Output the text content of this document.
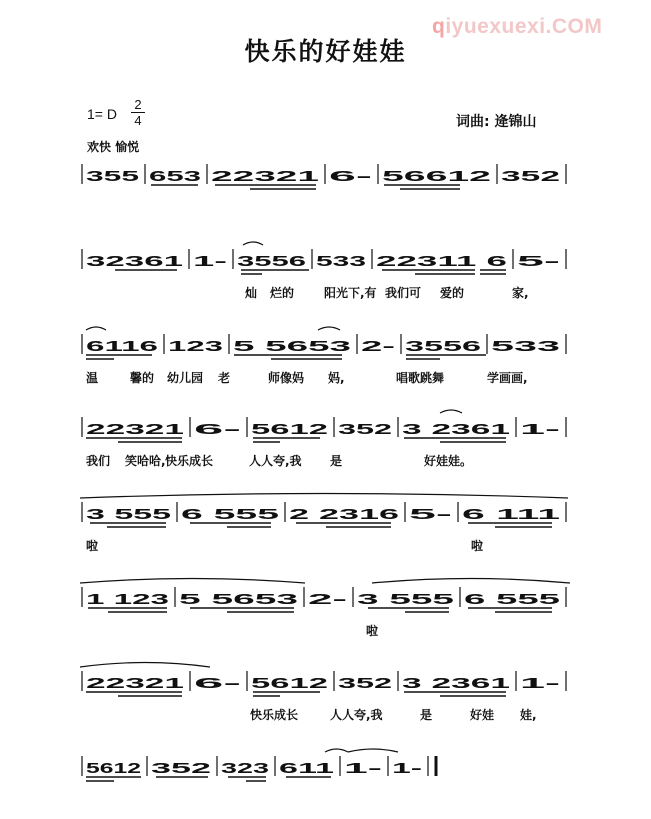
快乐的好娃娃
qiyuexuexi.COM
1= D
2
4	词曲: 逄锦山
欢快 愉悦
355 653 22321 6- 56612 352
32361 1- 3556 533 22311 6 5-
灿 烂的 阳光下,有 我们可 爱的	家,
6116 123 5 5653 2- 3556 533
温	馨的 幼儿园 老	师像妈 妈,	唱歌跳舞	学画画,
22321 6- 5612 352 3 2361 1-
我们 笑哈哈, 快乐成长	人人夸,我 是	好娃娃。
3 555 6 555 2 2316 5- 6 111
啦	啦
1 123 5 5653 2- 3 555 6 555
啦
22321 6- 5612 352 3 2361 1-
快乐成长	人人夸,我	是	好娃 娃,
5612 352 323 611 1- 1-
